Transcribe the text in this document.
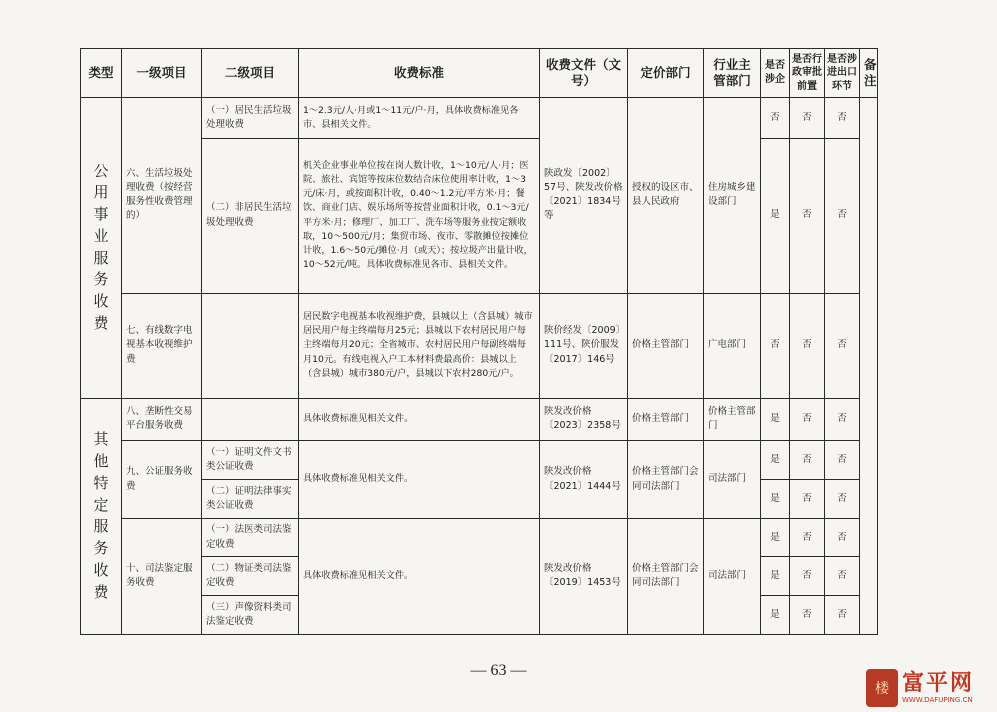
类型	一级项目	二级项目	收费标准	收费文件（文号）	定价部门	行业主管部门	是否涉企	是否行政审批前置	是否涉进出口环节	备注
公用事业服务收费	六、生活垃圾处理收费（按经营服务性收费管理的）	（一）居民生活垃圾处理收费	1～2.3元/人·月或1～11元/户·月，具体收费标准见各市、县相关文件。	陕政发〔2002〕57号、陕发改价格〔2021〕1834号等	授权的设区市、县人民政府	住房城乡建设部门	否	否	否	
		（二）非居民生活垃圾处理收费	机关企业事业单位按在岗人数计收，1～10元/人·月；医院、旅社、宾馆等按床位数结合床位使用率计收，1～3元/床·月，或按面积计收，0.40～1.2元/平方米·月；餐饮、商业门店、娱乐场所等按营业面积计收，0.1～3元/平方米·月；修理厂、加工厂、洗车场等服务业按定额收取，10～500元/月；集贸市场、夜市、零散摊位按摊位计收，1.6～50元/摊位·月（或天）；按垃圾产出量计收，10～52元/吨。具体收费标准见各市、县相关文件。				是	否	否	
	七、有线数字电视基本收视维护费		居民数字电视基本收视维护费，县城以上（含县城）城市居民用户每主终端每月25元；县城以下农村居民用户每主终端每月20元；全省城市、农村居民用户每副终端每月10元。有线电视入户工本材料费最高价：县城以上（含县城）城市380元/户，县城以下农村280元/户。	陕价经发〔2009〕111号、陕价服发〔2017〕146号	价格主管部门	广电部门	否	否	否	
其他特定服务收费	八、垄断性交易平台服务收费		具体收费标准见相关文件。	陕发改价格〔2023〕2358号	价格主管部门	价格主管部门	是	否	否	
	九、公证服务收费	（一）证明文件文书类公证收费	具体收费标准见相关文件。	陕发改价格〔2021〕1444号	价格主管部门会同司法部门	司法部门	是	否	否	
		（二）证明法律事实类公证收费					是	否	否	
	十、司法鉴定服务收费	（一）法医类司法鉴定收费	具体收费标准见相关文件。	陕发改价格〔2019〕1453号	价格主管部门会同司法部门	司法部门	是	否	否	
		（二）物证类司法鉴定收费					是	否	否	
		（三）声像资料类司法鉴定收费					是	否	否	
— 63 —
楼 富平网
WWW.DAFUPING.CN
